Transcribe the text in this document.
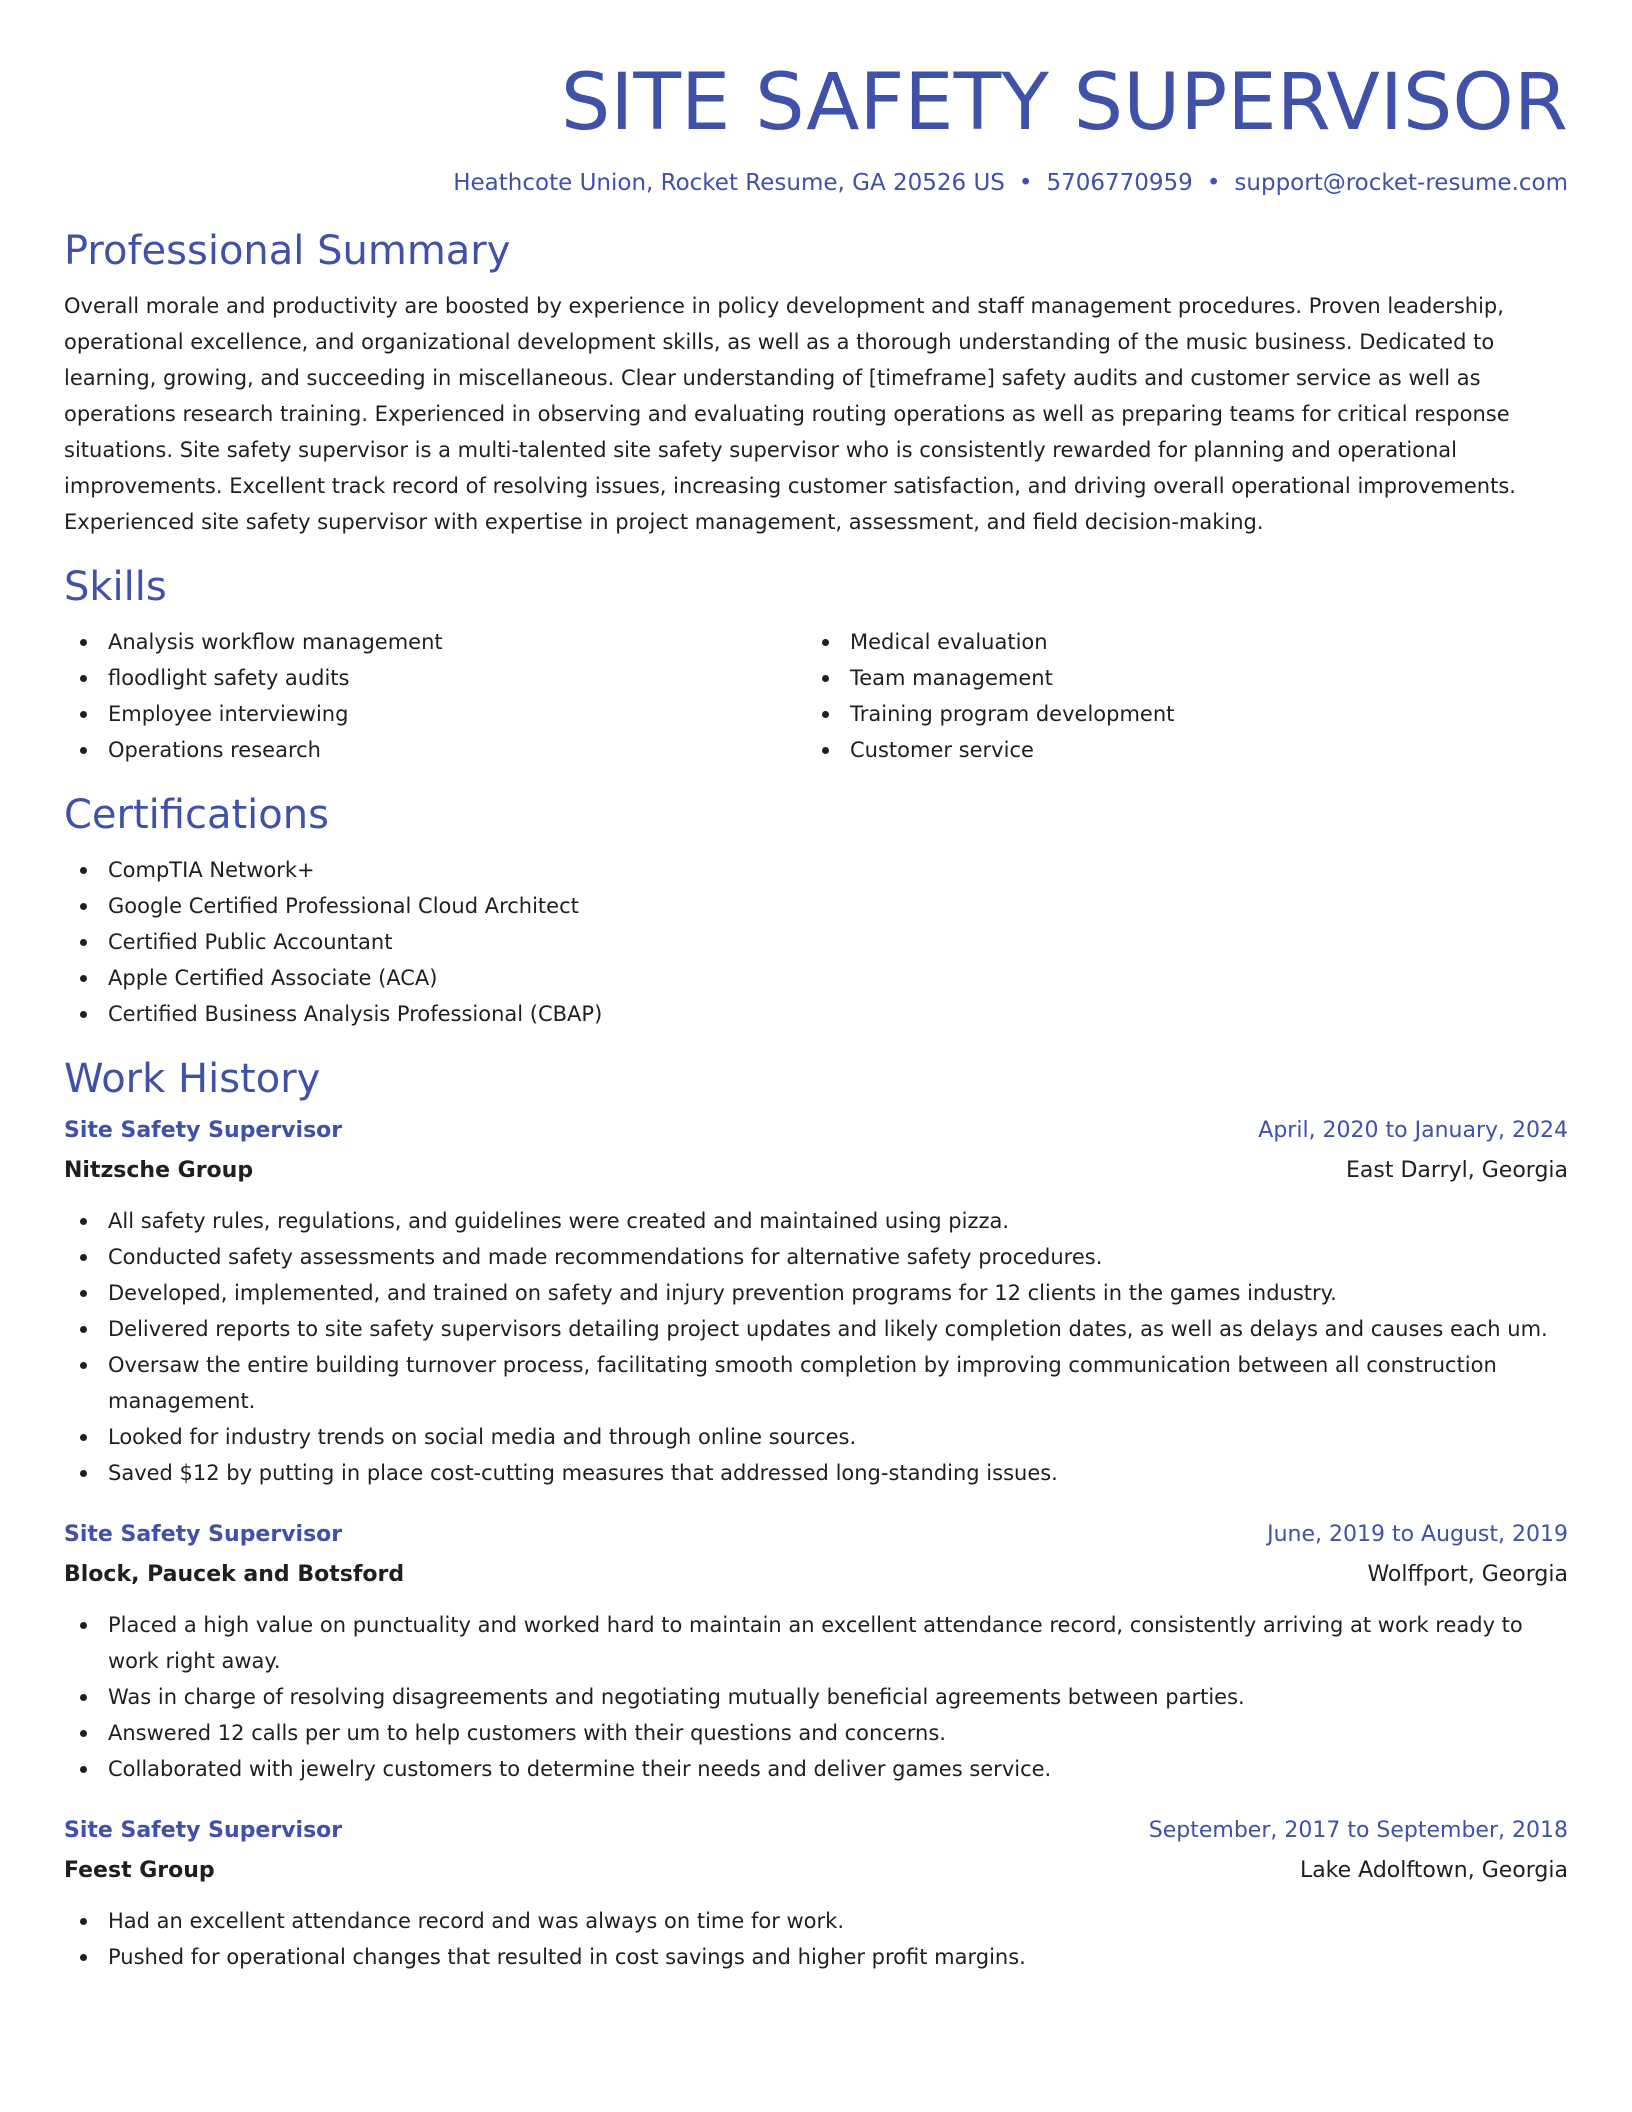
SITE SAFETY SUPERVISOR
Heathcote Union, Rocket Resume, GA 20526 US • 5706770959 • support@rocket-resume.com
Professional Summary

Overall morale and productivity are boosted by experience in policy development and staff management procedures. Proven leadership, operational excellence, and organizational development skills, as well as a thorough understanding of the music business. Dedicated to learning, growing, and succeeding in miscellaneous. Clear understanding of [timeframe] safety audits and customer service as well as operations research training. Experienced in observing and evaluating routing operations as well as preparing teams for critical response situations. Site safety supervisor is a multi-talented site safety supervisor who is consistently rewarded for planning and operational improvements. Excellent track record of resolving issues, increasing customer satisfaction, and driving overall operational improvements. Experienced site safety supervisor with expertise in project management, assessment, and field decision-making.

Skills
Analysis workflow management
floodlight safety audits
Employee interviewing
Operations research
Medical evaluation
Team management
Training program development
Customer service
Certifications
CompTIA Network+
Google Certified Professional Cloud Architect
Certified Public Accountant
Apple Certified Associate (ACA)
Certified Business Analysis Professional (CBAP)
Work History
Site Safety Supervisor	April, 2020 to January, 2024
Nitzsche Group	East Darryl, Georgia
All safety rules, regulations, and guidelines were created and maintained using pizza.
Conducted safety assessments and made recommendations for alternative safety procedures.
Developed, implemented, and trained on safety and injury prevention programs for 12 clients in the games industry.
Delivered reports to site safety supervisors detailing project updates and likely completion dates, as well as delays and causes each um.
Oversaw the entire building turnover process, facilitating smooth completion by improving communication between all construction management.
Looked for industry trends on social media and through online sources.
Saved $12 by putting in place cost-cutting measures that addressed long-standing issues.
Site Safety Supervisor	June, 2019 to August, 2019
Block, Paucek and Botsford	Wolffport, Georgia
Placed a high value on punctuality and worked hard to maintain an excellent attendance record, consistently arriving at work ready to work right away.
Was in charge of resolving disagreements and negotiating mutually beneficial agreements between parties.
Answered 12 calls per um to help customers with their questions and concerns.
Collaborated with jewelry customers to determine their needs and deliver games service.
Site Safety Supervisor	September, 2017 to September, 2018
Feest Group	Lake Adolftown, Georgia
Had an excellent attendance record and was always on time for work.
Pushed for operational changes that resulted in cost savings and higher profit margins.
